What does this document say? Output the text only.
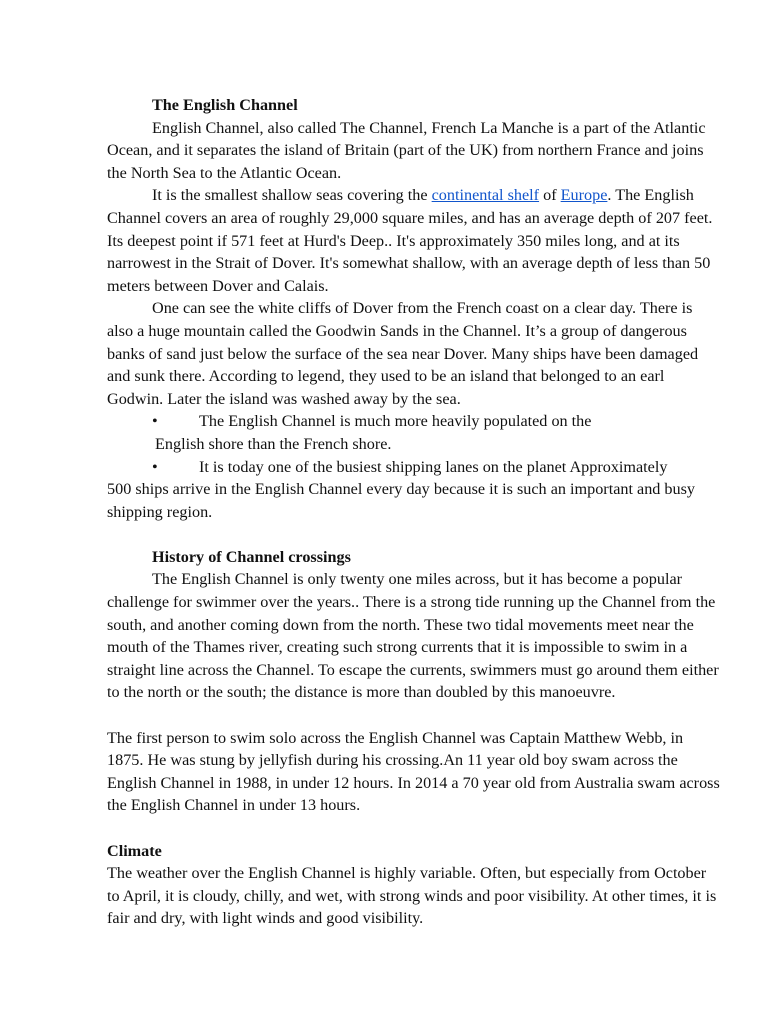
The English Channel

English Channel, also called The Channel, French La Manche is a part of the Atlantic Ocean, and it separates the island of Britain (part of the UK) from northern France and joins the North Sea to the Atlantic Ocean.

It is the smallest shallow seas covering the continental shelf of Europe. The English Channel covers an area of roughly 29,000 square miles, and has an average depth of 207 feet. Its deepest point if 571 feet at Hurd's Deep.. It's approximately 350 miles long, and at its narrowest in the Strait of Dover. It's somewhat shallow, with an average depth of less than 50 meters between Dover and Calais.

One can see the white cliffs of Dover from the French coast on a clear day. There is also a huge mountain called the Goodwin Sands in the Channel. It’s a group of dangerous banks of sand just below the surface of the sea near Dover. Many ships have been damaged and sunk there. According to legend, they used to be an island that belonged to an earl Godwin. Later the island was washed away by the sea.

•	The English Channel is much more heavily populated on the

English shore than the French shore.

•	It is today one of the busiest shipping lanes on the planet Approximately
500 ships arrive in the English Channel every day because it is such an important and busy shipping region.

History of Channel crossings

The English Channel is only twenty one miles across, but it has become a popular challenge for swimmer over the years.. There is a strong tide running up the Channel from the south, and another coming down from the north. These two tidal movements meet near the mouth of the Thames river, creating such strong currents that it is impossible to swim in a straight line across the Channel. To escape the currents, swimmers must go around them either to the north or the south; the distance is more than doubled by this manoeuvre.

The first person to swim solo across the English Channel was Captain Matthew Webb, in 1875. He was stung by jellyfish during his crossing.An 11 year old boy swam across the English Channel in 1988, in under 12 hours. In 2014 a 70 year old from Australia swam across the English Channel in under 13 hours.

Climate

The weather over the English Channel is highly variable. Often, but especially from October to April, it is cloudy, chilly, and wet, with strong winds and poor visibility. At other times, it is fair and dry, with light winds and good visibility.
